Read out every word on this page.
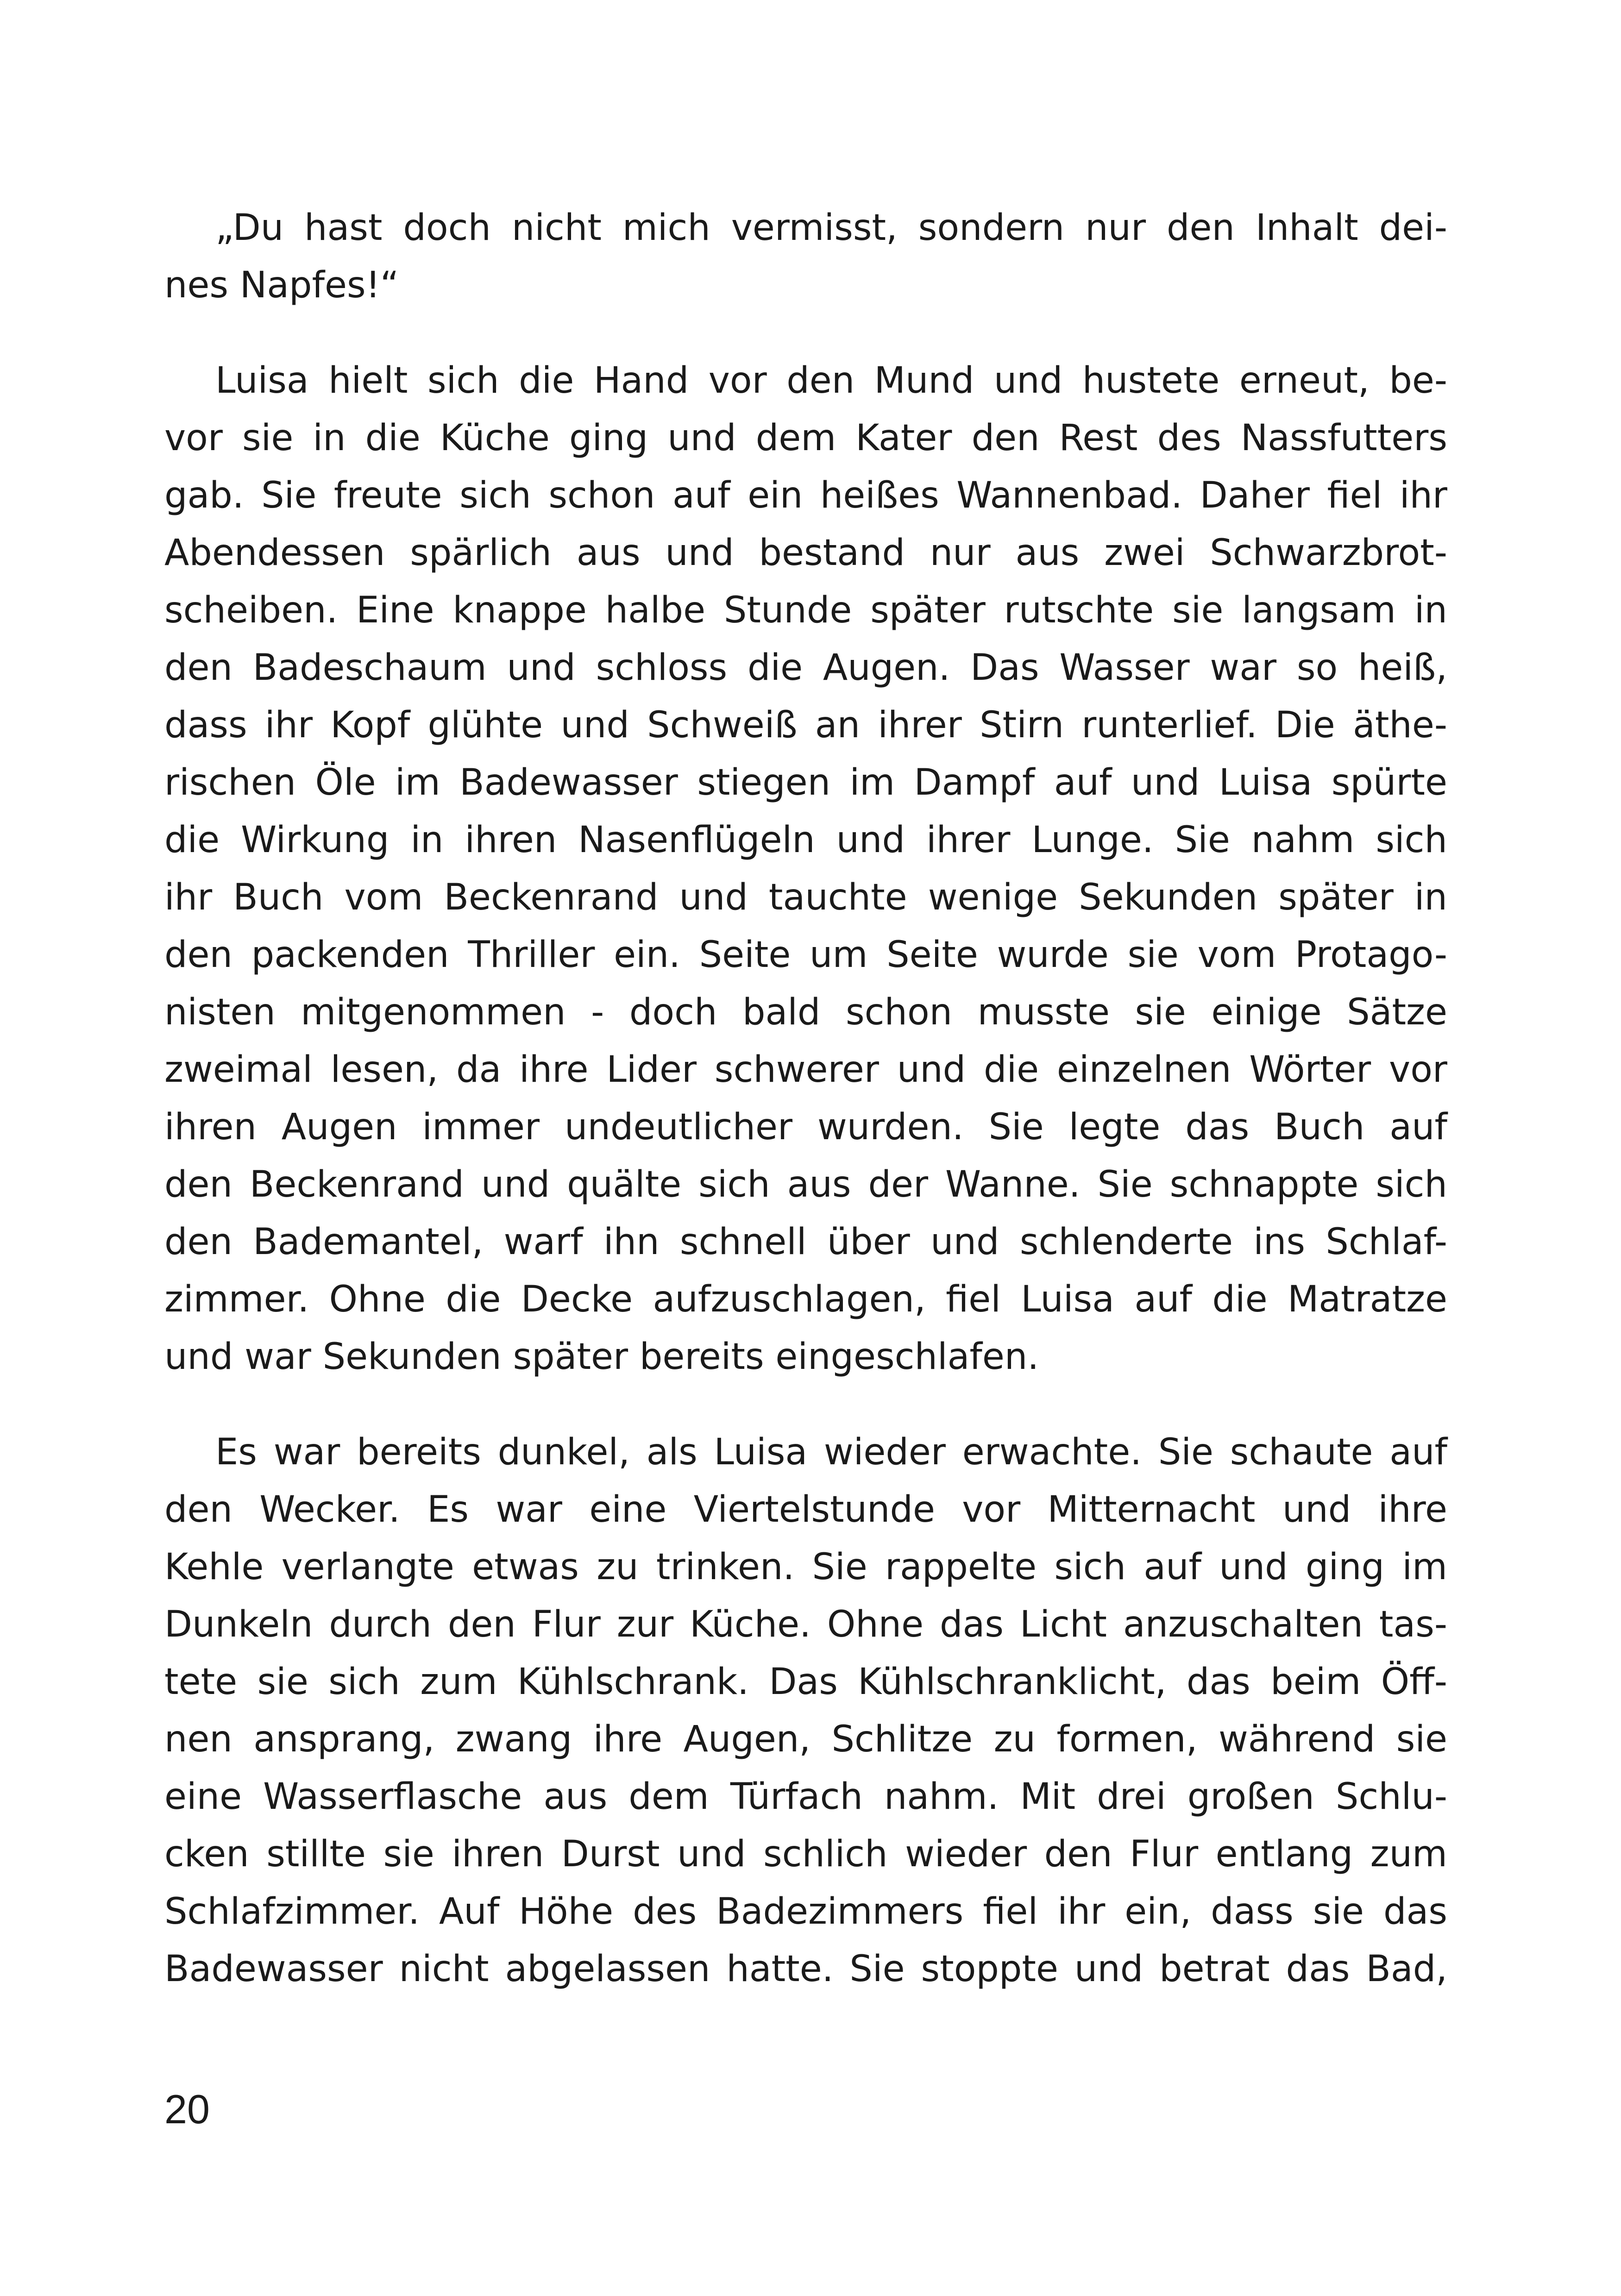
„Du hast doch nicht mich vermisst, sondern nur den Inhalt dei-
nes Napfes!“
Luisa hielt sich die Hand vor den Mund und hustete erneut, be-
vor sie in die Küche ging und dem Kater den Rest des Nassfutters
gab. Sie freute sich schon auf ein heißes Wannenbad. Daher fiel ihr
Abendessen spärlich aus und bestand nur aus zwei Schwarzbrot-
scheiben. Eine knappe halbe Stunde später rutschte sie langsam in
den Badeschaum und schloss die Augen. Das Wasser war so heiß,
dass ihr Kopf glühte und Schweiß an ihrer Stirn runterlief. Die äthe-
rischen Öle im Badewasser stiegen im Dampf auf und Luisa spürte
die Wirkung in ihren Nasenflügeln und ihrer Lunge. Sie nahm sich
ihr Buch vom Beckenrand und tauchte wenige Sekunden später in
den packenden Thriller ein. Seite um Seite wurde sie vom Protago-
nisten mitgenommen - doch bald schon musste sie einige Sätze
zweimal lesen, da ihre Lider schwerer und die einzelnen Wörter vor
ihren Augen immer undeutlicher wurden. Sie legte das Buch auf
den Beckenrand und quälte sich aus der Wanne. Sie schnappte sich
den Bademantel, warf ihn schnell über und schlenderte ins Schlaf-
zimmer. Ohne die Decke aufzuschlagen, fiel Luisa auf die Matratze
und war Sekunden später bereits eingeschlafen.
Es war bereits dunkel, als Luisa wieder erwachte. Sie schaute auf
den Wecker. Es war eine Viertelstunde vor Mitternacht und ihre
Kehle verlangte etwas zu trinken. Sie rappelte sich auf und ging im
Dunkeln durch den Flur zur Küche. Ohne das Licht anzuschalten tas-
tete sie sich zum Kühlschrank. Das Kühlschranklicht, das beim Öff-
nen ansprang, zwang ihre Augen, Schlitze zu formen, während sie
eine Wasserflasche aus dem Türfach nahm. Mit drei großen Schlu-
cken stillte sie ihren Durst und schlich wieder den Flur entlang zum
Schlafzimmer. Auf Höhe des Badezimmers fiel ihr ein, dass sie das
Badewasser nicht abgelassen hatte. Sie stoppte und betrat das Bad,
20
